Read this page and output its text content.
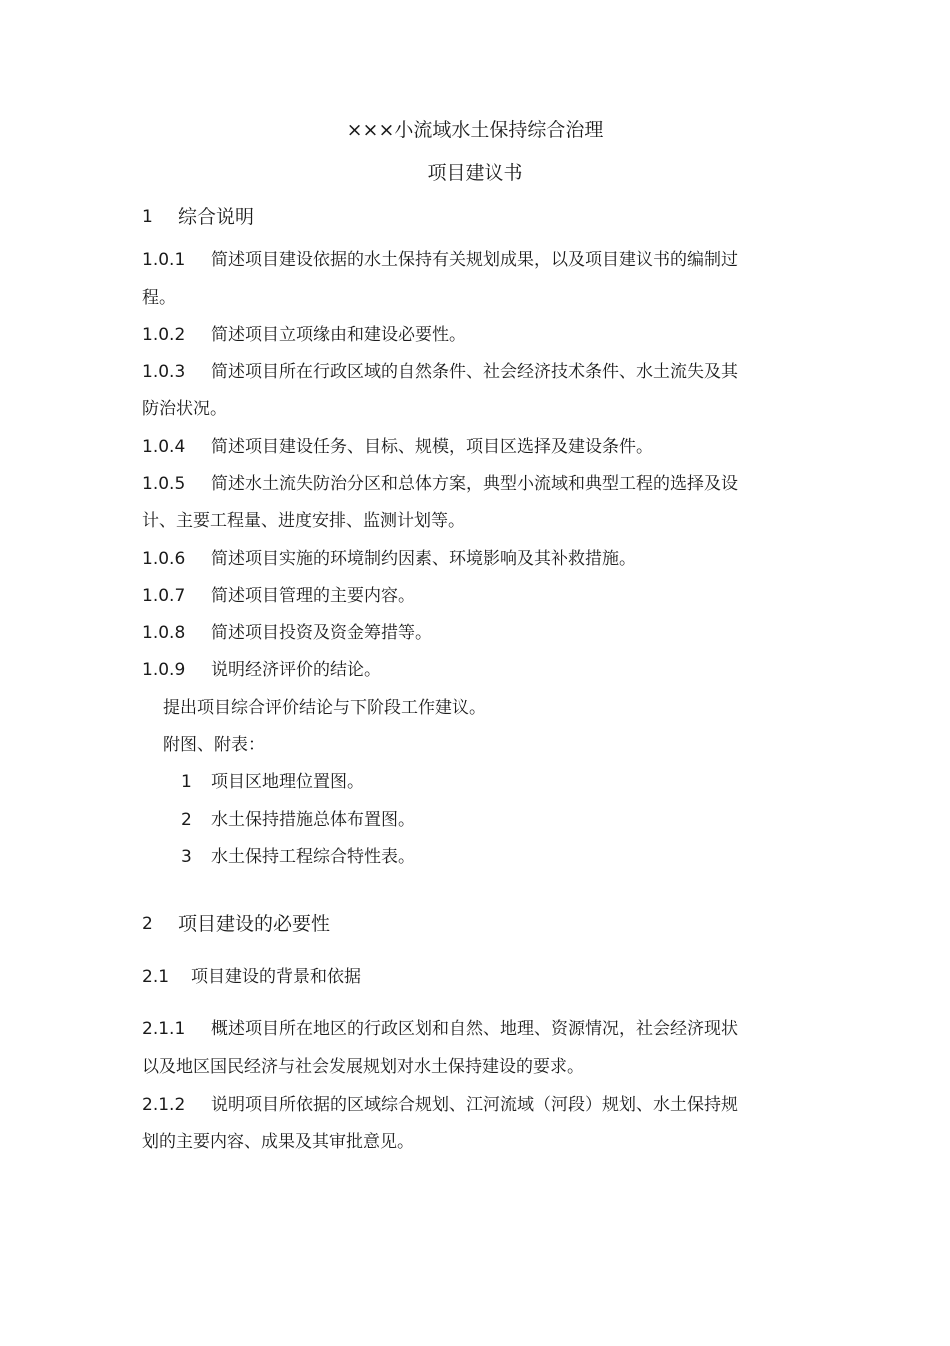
×××小流域水土保持综合治理
项目建议书
1 综合说明
1.0.1 简述项目建设依据的水土保持有关规划成果，以及项目建议书的编制过
程。
1.0.2 简述项目立项缘由和建设必要性。
1.0.3 简述项目所在行政区域的自然条件、社会经济技术条件、水土流失及其
防治状况。
1.0.4 简述项目建设任务、目标、规模，项目区选择及建设条件。
1.0.5 简述水土流失防治分区和总体方案，典型小流域和典型工程的选择及设
计、主要工程量、进度安排、监测计划等。
1.0.6 简述项目实施的环境制约因素、环境影响及其补救措施。
1.0.7 简述项目管理的主要内容。
1.0.8 简述项目投资及资金筹措等。
1.0.9 说明经济评价的结论。
提出项目综合评价结论与下阶段工作建议。
附图、附表：
1 项目区地理位置图。
2 水土保持措施总体布置图。
3 水土保持工程综合特性表。
2 项目建设的必要性
2.1 项目建设的背景和依据
2.1.1 概述项目所在地区的行政区划和自然、地理、资源情况，社会经济现状
以及地区国民经济与社会发展规划对水土保持建设的要求。
2.1.2 说明项目所依据的区域综合规划、江河流域（河段）规划、水土保持规
划的主要内容、成果及其审批意见。
